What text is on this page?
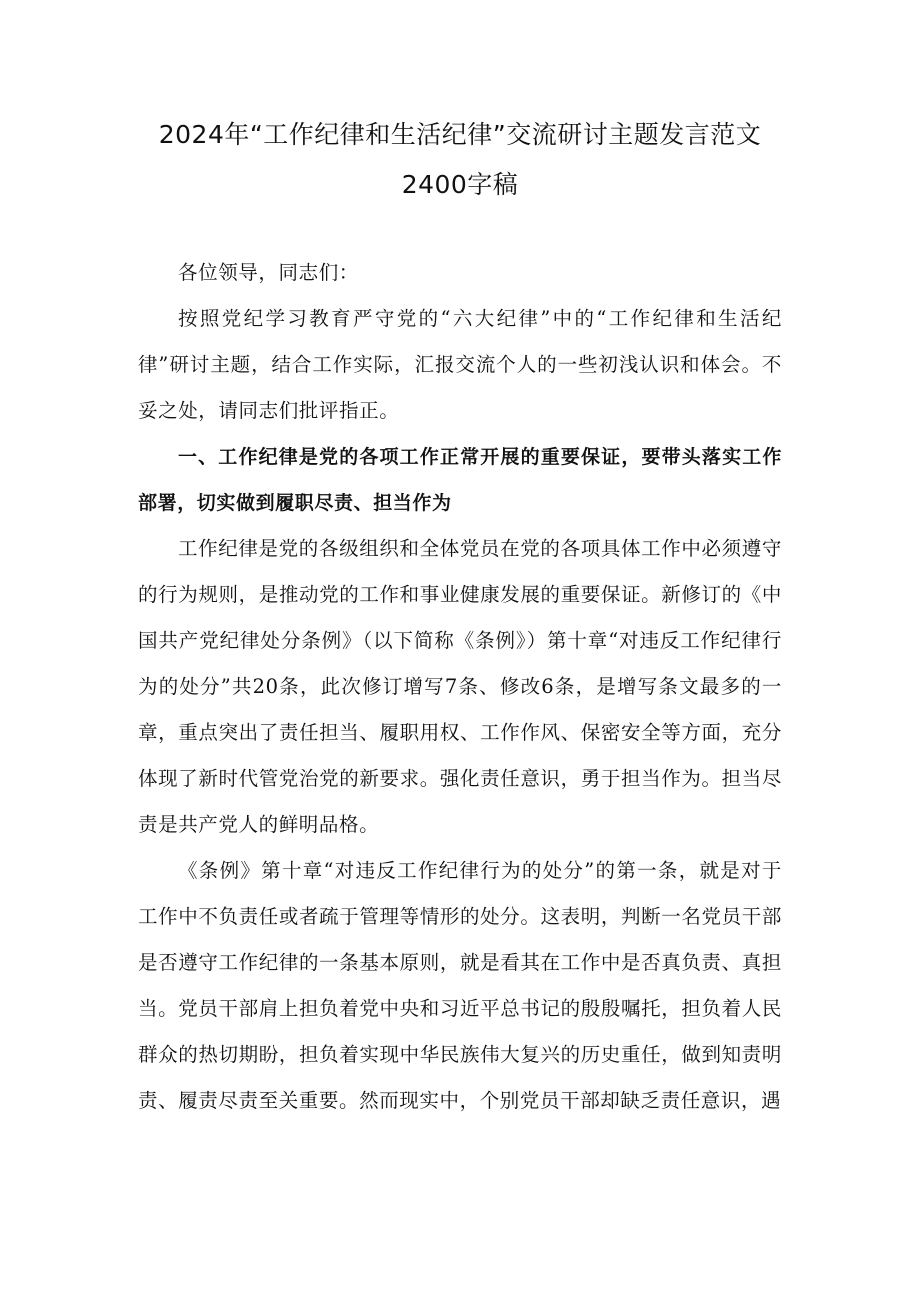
2024年“工作纪律和生活纪律”交流研讨主题发言范文2400字稿

各位领导，同志们：

按照党纪学习教育严守党的“六大纪律”中的“工作纪律和生活纪律”研讨主题，结合工作实际，汇报交流个人的一些初浅认识和体会。不妥之处，请同志们批评指正。

一、工作纪律是党的各项工作正常开展的重要保证，要带头落实工作部署，切实做到履职尽责、担当作为

工作纪律是党的各级组织和全体党员在党的各项具体工作中必须遵守的行为规则，是推动党的工作和事业健康发展的重要保证。新修订的《中国共产党纪律处分条例》（以下简称《条例》）第十章“对违反工作纪律行为的处分”共20条，此次修订增写7条、修改6条，是增写条文最多的一章，重点突出了责任担当、履职用权、工作作风、保密安全等方面，充分体现了新时代管党治党的新要求。强化责任意识，勇于担当作为。担当尽责是共产党人的鲜明品格。

《条例》第十章“对违反工作纪律行为的处分”的第一条，就是对于工作中不负责任或者疏于管理等情形的处分。这表明，判断一名党员干部是否遵守工作纪律的一条基本原则，就是看其在工作中是否真负责、真担当。党员干部肩上担负着党中央和习近平总书记的殷殷嘱托，担负着人民群众的热切期盼，担负着实现中华民族伟大复兴的历史重任，做到知责明责、履责尽责至关重要。然而现实中，个别党员干部却缺乏责任意识，遇
